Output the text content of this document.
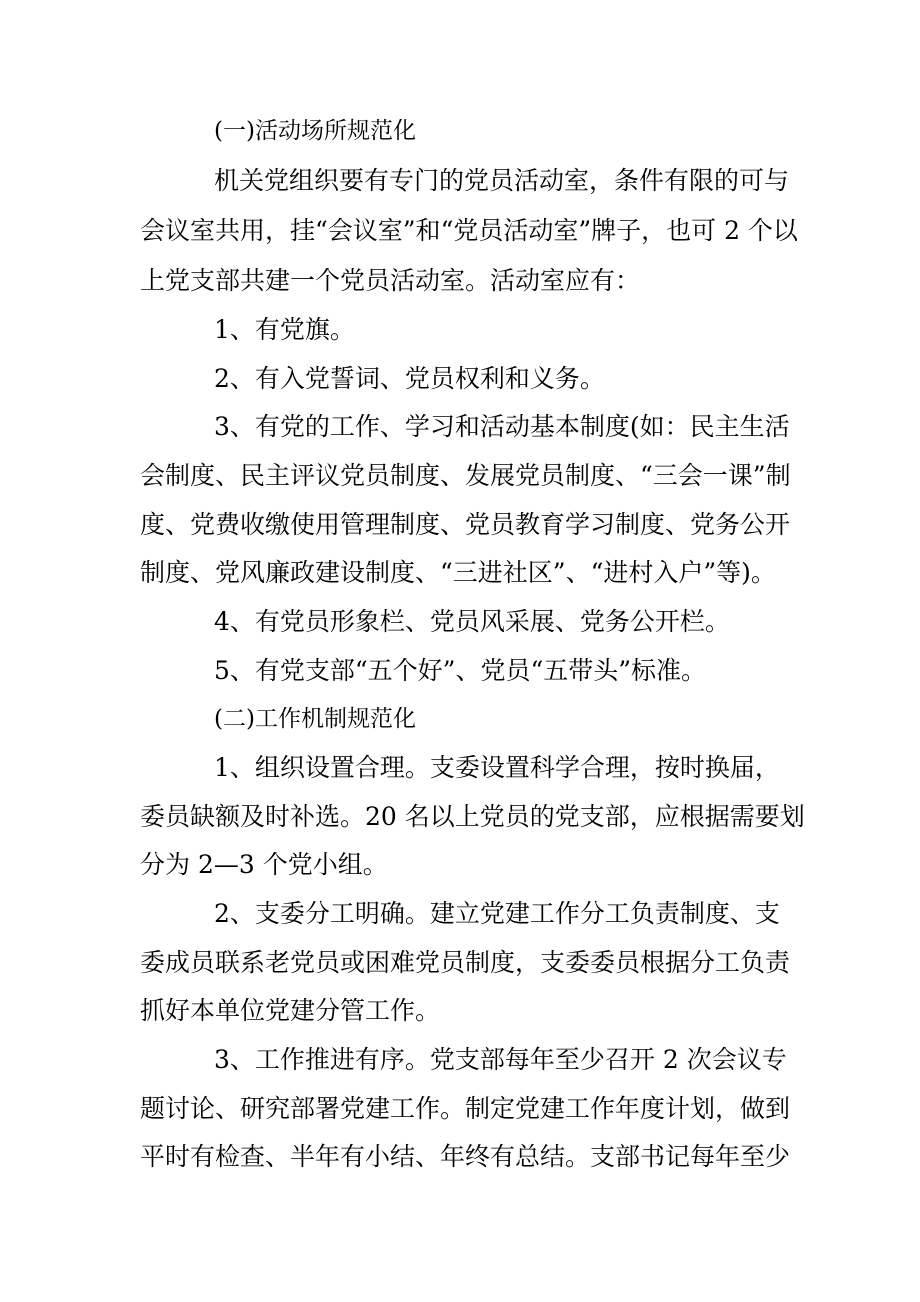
(一)活动场所规范化
机关党组织要有专门的党员活动室，条件有限的可与
会议室共用，挂“会议室”和“党员活动室”牌子，也可 2 个以
上党支部共建一个党员活动室。活动室应有：
1、有党旗。
2、有入党誓词、党员权利和义务。
3、有党的工作、学习和活动基本制度(如：民主生活
会制度、民主评议党员制度、发展党员制度、“三会一课”制
度、党费收缴使用管理制度、党员教育学习制度、党务公开
制度、党风廉政建设制度、“三进社区”、“进村入户”等)。
4、有党员形象栏、党员风采展、党务公开栏。
5、有党支部“五个好”、党员“五带头”标准。
(二)工作机制规范化
1、组织设置合理。支委设置科学合理，按时换届，
委员缺额及时补选。20 名以上党员的党支部，应根据需要划
分为 2—3 个党小组。
2、支委分工明确。建立党建工作分工负责制度、支
委成员联系老党员或困难党员制度，支委委员根据分工负责
抓好本单位党建分管工作。
3、工作推进有序。党支部每年至少召开 2 次会议专
题讨论、研究部署党建工作。制定党建工作年度计划，做到
平时有检查、半年有小结、年终有总结。支部书记每年至少
